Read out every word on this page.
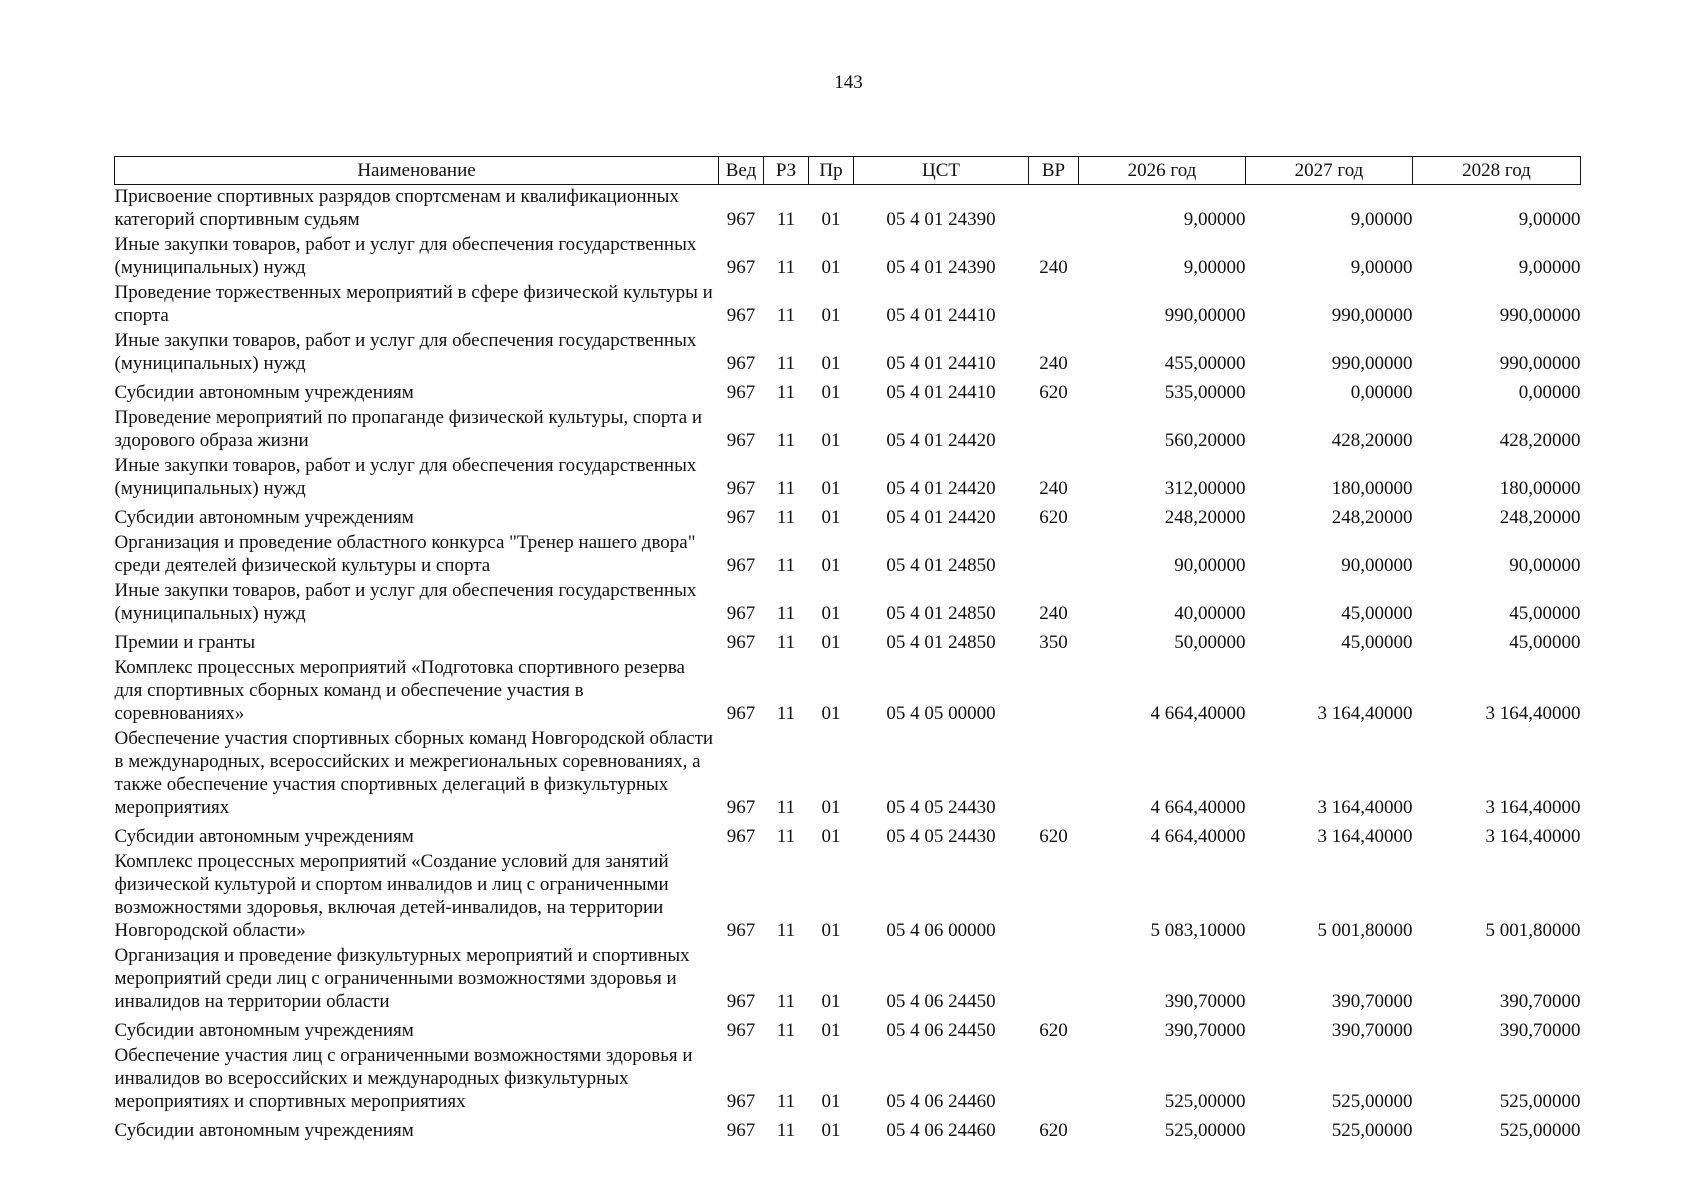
143
Наименование	Вед	РЗ	Пр	ЦСТ	ВР	2026 год	2027 год	2028 год
Присвоение спортивных разрядов спортсменам и квалификационных категорий спортивным судьям	967	11	01	05 4 01 24390		9,00000	9,00000	9,00000
Иные закупки товаров, работ и услуг для обеспечения государственных (муниципальных) нужд	967	11	01	05 4 01 24390	240	9,00000	9,00000	9,00000
Проведение торжественных мероприятий в сфере физической культуры и спорта	967	11	01	05 4 01 24410		990,00000	990,00000	990,00000
Иные закупки товаров, работ и услуг для обеспечения государственных (муниципальных) нужд	967	11	01	05 4 01 24410	240	455,00000	990,00000	990,00000
Субсидии автономным учреждениям	967	11	01	05 4 01 24410	620	535,00000	0,00000	0,00000
Проведение мероприятий по пропаганде физической культуры, спорта и здорового образа жизни	967	11	01	05 4 01 24420		560,20000	428,20000	428,20000
Иные закупки товаров, работ и услуг для обеспечения государственных (муниципальных) нужд	967	11	01	05 4 01 24420	240	312,00000	180,00000	180,00000
Субсидии автономным учреждениям	967	11	01	05 4 01 24420	620	248,20000	248,20000	248,20000
Организация и проведение областного конкурса "Тренер нашего двора" среди деятелей физической культуры и спорта	967	11	01	05 4 01 24850		90,00000	90,00000	90,00000
Иные закупки товаров, работ и услуг для обеспечения государственных (муниципальных) нужд	967	11	01	05 4 01 24850	240	40,00000	45,00000	45,00000
Премии и гранты	967	11	01	05 4 01 24850	350	50,00000	45,00000	45,00000
Комплекс процессных мероприятий «Подготовка спортивного резерва для спортивных сборных команд и обеспечение участия в соревнованиях»	967	11	01	05 4 05 00000		4 664,40000	3 164,40000	3 164,40000
Обеспечение участия спортивных сборных команд Новгородской области в международных, всероссийских и межрегиональных соревнованиях, а также обеспечение участия спортивных делегаций в физкультурных мероприятиях	967	11	01	05 4 05 24430		4 664,40000	3 164,40000	3 164,40000
Субсидии автономным учреждениям	967	11	01	05 4 05 24430	620	4 664,40000	3 164,40000	3 164,40000
Комплекс процессных мероприятий «Создание условий для занятий физической культурой и спортом инвалидов и лиц с ограниченными возможностями здоровья, включая детей-инвалидов, на территории Новгородской области»	967	11	01	05 4 06 00000		5 083,10000	5 001,80000	5 001,80000
Организация и проведение физкультурных мероприятий и спортивных мероприятий среди лиц с ограниченными возможностями здоровья и инвалидов на территории области	967	11	01	05 4 06 24450		390,70000	390,70000	390,70000
Субсидии автономным учреждениям	967	11	01	05 4 06 24450	620	390,70000	390,70000	390,70000
Обеспечение участия лиц с ограниченными возможностями здоровья и инвалидов во всероссийских и международных физкультурных мероприятиях и спортивных мероприятиях	967	11	01	05 4 06 24460		525,00000	525,00000	525,00000
Субсидии автономным учреждениям	967	11	01	05 4 06 24460	620	525,00000	525,00000	525,00000
